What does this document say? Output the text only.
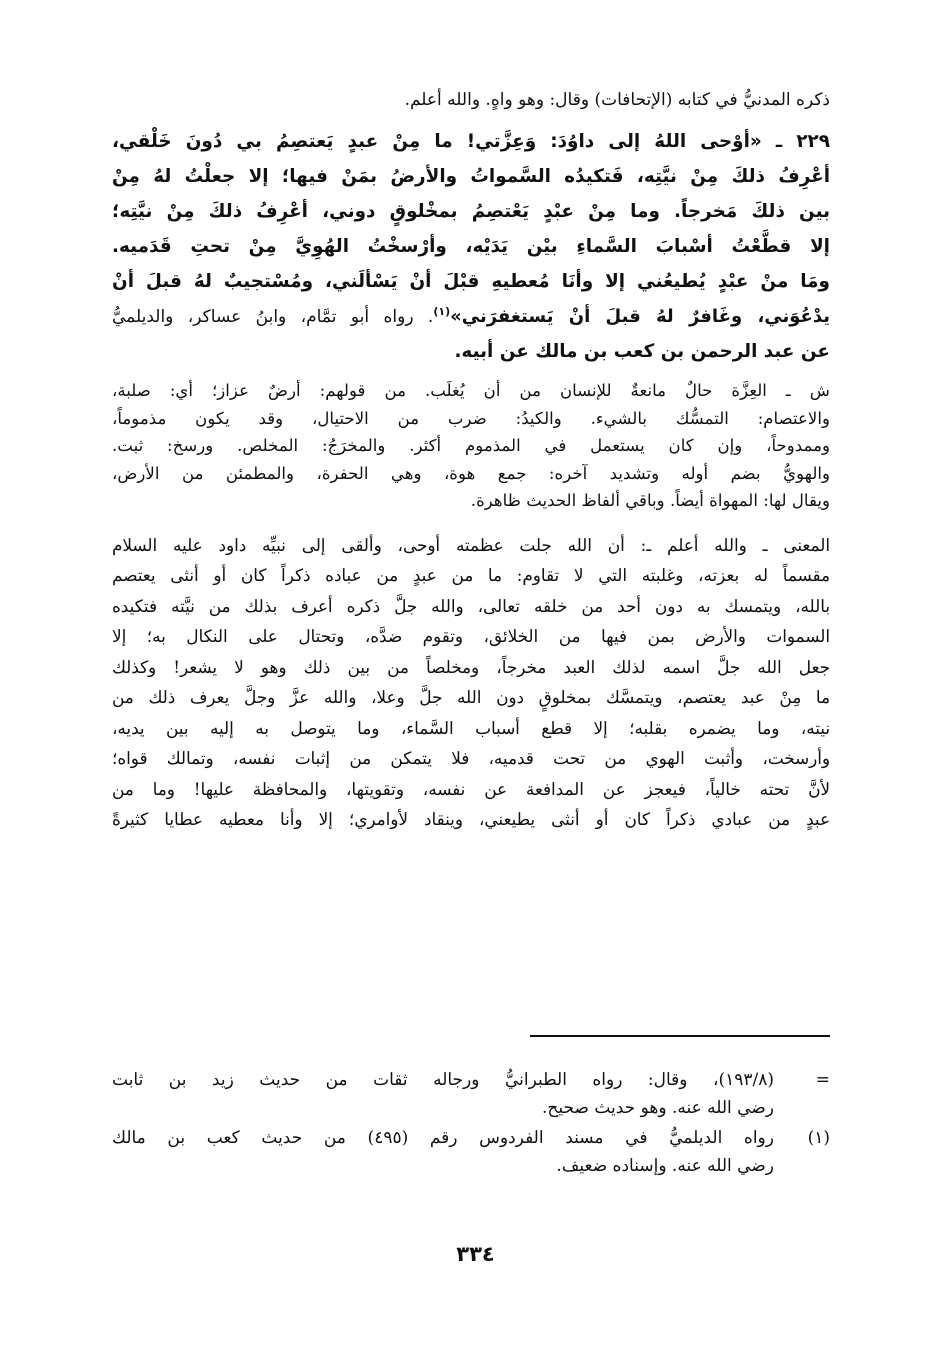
ذكره المدنيُّ في كتابه (الإتحافات) وقال: وهو واهٍ. والله أعلم.
٢٢٩ ـ «أوْحى اللهُ إلى داوُدَ: وَعِزَّتي! ما مِنْ عبدٍ يَعتصِمُ بي دُونَ خَلْقي،
أعْرِفُ ذلكَ مِنْ نيَّتِه، فَتكيدُه السَّمواتُ والأرضُ بمَنْ فيها؛ إلا جعلْتُ لهُ مِنْ
بين ذلكَ مَخرجاً. وما مِنْ عبْدٍ يَعْتصِمُ بمخْلوقٍ دوني، أعْرِفُ ذلكَ مِنْ نيَّتِه؛
إلا قطَّعْتُ أسْبابَ السَّماءِ بيْن يَدَيْه، وأرْسخْتُ الهُوِيَّ مِنْ تحتِ قَدَميه.
ومَا منْ عبْدٍ يُطيعُني إلا وأنَا مُعطيهِ قبْلَ أنْ يَسْألَني، ومُسْتجيبٌ لهُ قبلَ أنْ
يدْعُوَني، وغَافرٌ لهُ قبلَ أنْ يَستغفرَني»$^{(١)}$. رواه أبو تمَّام، وابنُ عساكر، والديلميُّ
عن عبد الرحمن بن كعب بن مالك عن أبيه.
ش ـ العِزَّة حالٌ مانعةٌ للإنسان من أن يُغلَب. من قولهم: أرضٌ عزاز؛ أي: صلبة،
والاعتصام: التمسُّك بالشيء. والكيدُ: ضرب من الاحتيال، وقد يكون مذموماً،
وممدوحاً، وإن كان يستعمل في المذموم أكثر. والمخرَجُ: المخلص. ورسخ: ثبت.
والهويُّ بضم أوله وتشديد آخره: جمع هوة، وهي الحفرة، والمطمئن من الأرض،
ويقال لها: المهواة أيضاً. وباقي ألفاظ الحديث ظاهرة.
المعنى ـ والله أعلم ـ: أن الله جلت عظمته أوحى، وألقى إلى نبيِّه داود عليه السلام
مقسماً له بعزته، وغلبته التي لا تقاوم: ما من عبدٍ من عباده ذكراً كان أو أنثى يعتصم
بالله، ويتمسك به دون أحد من خلقه تعالى، والله جلَّ ذكره أعرف بذلك من نيَّته فتكيده
السموات والأرض بمن فيها من الخلائق، وتقوم ضدَّه، وتحتال على النكال به؛ إلا
جعل الله جلَّ اسمه لذلك العبد مخرجاً، ومخلصاً من بين ذلك وهو لا يشعر! وكذلك
ما مِنْ عبد يعتصم، ويتمسَّك بمخلوقٍ دون الله جلَّ وعلا، والله عزَّ وجلَّ يعرف ذلك من
نيته، وما يضمره بقلبه؛ إلا قطع أسباب السَّماء، وما يتوصل به إليه بين يديه،
وأرسخت، وأثبت الهوي من تحت قدميه، فلا يتمكن من إثبات نفسه، وتمالك قواه؛
لأنَّ تحته خالياً، فيعجز عن المدافعة عن نفسه، وتقويتها، والمحافظة عليها! وما من
عبدٍ من عبادي ذكراً كان أو أنثى يطيعني، وينقاد لأوامري؛ إلا وأنا معطيه عطايا كثيرةً
=
(١٩٣/٨)، وقال: رواه الطبرانيُّ ورجاله ثقات من حديث زيد بن ثابت
رضي الله عنه. وهو حديث صحيح.
(١)
رواه الديلميُّ في مسند الفردوس رقم (٤٩٥) من حديث كعب بن مالك
رضي الله عنه. وإسناده ضعيف.
٣٣٤
